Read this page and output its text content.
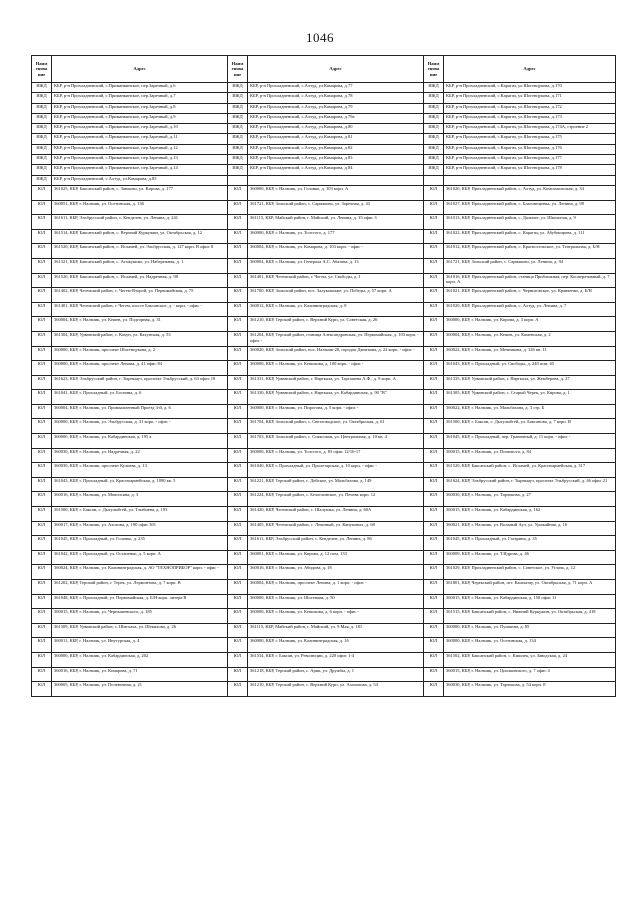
1046
Наим енова ние	Адрес	Наим енова ние	Адрес	Наим енова ние	Адрес
ИЖД	КБР, р-н Прохладненский, с.Приманкинское, пер.Заречный, д.6	ИЖД	КБР, р-н Прохладненский, с.Алтуд, ул.Камарова, д.77	ИЖД	КБР, р-н Прохладненский, с.Карагач, ул.Шогенцукова, д.170
ИЖД	КБР, р-н Прохладненский, с.Приманкинское, пер.Заречный, д.7	ИЖД	КБР, р-н Прохладненский, с.Алтуд, ул.Камарова, д.78	ИЖД	КБР, р-н Прохладненский, с.Карагач, ул.Шогенцукова, д.171
ИЖД	КБР, р-н Прохладненский, с.Приманкинское, пер.Заречный, д.8	ИЖД	КБР, р-н Прохладненский, с.Алтуд, ул.Камарова, д.79	ИЖД	КБР, р-н Прохладненский, с.Карагач, ул.Шогенцукова, д.172
ИЖД	КБР, р-н Прохладненский, с.Приманкинское, пер.Заречный, д.9	ИЖД	КБР, р-н Прохладненский, с.Алтуд, ул.Камарова, д.79а	ИЖД	КБР, р-н Прохладненский, с.Карагач, ул.Шогенцукова, д.173
ИЖД	КБР, р-н Прохладненский, с.Приманкинское, пер.Заречный, д.10	ИЖД	КБР, р-н Прохладненский, с.Алтуд, ул.Камарова, д.80	ИЖД	КБР, р-н Прохладненский, с.Карагач, ул.Шогенцукова, д.174А, строение 2
ИЖД	КБР, р-н Прохладненский, с.Приманкинское, пер.Заречный, д.11	ИЖД	КБР, р-н Прохладненский, с.Алтуд, ул.Камарова, д.81	ИЖД	КБР, р-н Прохладненский, с.Карагач, ул.Шогенцукова, д.175
ИЖД	КБР, р-н Прохладненский, с.Приманкинское, пер.Заречный, д.12	ИЖД	КБР, р-н Прохладненский, с.Алтуд, ул.Камарова, д.82	ИЖД	КБР, р-н Прохладненский, с.Карагач, ул.Шогенцукова, д.176
ИЖД	КБР, р-н Прохладненский, с.Приманкинское, пер.Заречный, д.13	ИЖД	КБР, р-н Прохладненский, с.Алтуд, ул.Камарова, д.83	ИЖД	КБР, р-н Прохладненский, с.Карагач, ул.Шогенцукова, д.177
ИЖД	КБР, р-н Прохладненский, с.Приманкинское, пер.Заречный, д.14	ИЖД	КБР, р-н Прохладненский, с.Алтуд, ул.Камарова, д.84	ИЖД	КБР, р-н Прохладненский, с.Карагач, ул.Шогенцукова, д.178
ИЖД	КБР, р-н Прохладненский, с.Алтуд, ул.Камарова, д.85				
ЮЛ	361025, КБР, Баксанский район, с. Заюково, ул. Кирова, д. 177	ЮЛ	360000, КБР, г. Нальчик, ул. Головко, д. 103 корп. А	ЮЛ	361020, КБР, Прохладненский район, с. Алтуд, ул. Комсомольская, д. 34
ЮЛ	360051, КБР, г. Нальчик, ул. Осетинская, д. 136	ЮЛ	361721, КБР, Зольский район, с. Сармаково, ул. Заречная, д. 43	ЮЛ	361027, КБР, Прохладненский район, с. Благовещенка, ул. Ленина, д. 98
ЮЛ	361611, КБР, Эльбрусский район, с. Кенделен, ул. Ленина, д. 241	ЮЛ	361115, КБР, Майский район, г. Майский, ул. Ленина, д. 15 офис 3	ЮЛ	361013, КБР, Прохладненский район, с. Дальнее, ул. Школьная, д. 9
ЮЛ	361514, КБР, Баксанский район, с. Верхний Куркужин, ул. Октябрьская, д. 12	ЮЛ	360000, КБР, г. Нальчик, ул. Толстого, д. 177	ЮЛ	361022, КБР, Прохладненский район, с. Карагач, ул. Абубекирова, д. 111
ЮЛ	361520, КБР, Баксанский район, с. Исламей, ул. Эльбрусская, д. 127 корп. В офис 8	ЮЛ	360004, КБР, г. Нальчик, ул. Комарова, д. 103 корп. - офис -	ЮЛ	361012, КБР, Прохладненский район, с. Красносельское, ул. Театральная, д. Б/Н
ЮЛ	361321, КБР, Баксанский район, с. Атажукино, ул. Набережная, д. 1	ЮЛ	360004, КБР, г. Нальчик, ул. Генерала А.С. Абазова, д. 13	ЮЛ	361721, КБР, Зольский район, с. Сармаково, ул. Ленина, д. 94
ЮЛ	361520, КБР, Баксанский район, с. Исламей, ул. Надречная, д. 98	ЮЛ	361401, КБР, Чегемский район, г. Чегем, ул. Свободы, д. 1	ЮЛ	361016, КБР, Прохладненский район, станица Приближная, пер. Кооперативный, д. 7 корп. А
ЮЛ	361402, КБР, Чегемский район, с. Чегем-Второй, ул. Первомайская, д. 75	ЮЛ	361700, КБР, Зольский район, пос. Залукокоаже, ул. Победы, д. 57 корп. А	ЮЛ	361021, КБР, Прохладненский район, с. Черниговское, ул. Кравченко, д. Б/Н
ЮЛ	361401, КБР, Чегемский район, г. Чегем, шоссе Баксанское, д. - корп. - офис -	ЮЛ	360012, КБР, г. Нальчик, ул. Калининградская, д. 8	ЮЛ	361020, КБР, Прохладненский район, с. Алтуд, ул. Ленина, д. 7
ЮЛ	360004, КБР, г. Нальчик, ул. Кешев, ул. Подгорная, д. 31	ЮЛ	361210, КБР, Терский район, с. Верхний Курп, ул. Советская, д. 26	ЮЛ	360000, КБР, г. Нальчик, ул. Кирова, д. 3 корп. А
ЮЛ	361304, КБР, Урванский район, с. Кахун, ул. Кахунская, д. 53	ЮЛ	361204, КБР, Терский район, станица Александровская, ул. Первомайская, д. 103 корп. - офис -	ЮЛ	360004, КБР, г. Нальчик, ул. Кешев, ул. Каменская, д. 2
ЮЛ	360000, КБР, г. Нальчик, проспект Шогенцукова, д. 2	ЮЛ	360020, КБР, Зольский район, пос. Нальчик-20, городок Дмиткова, д. 22 корп. - офис -	ЮЛ	360022, КБР, г. Нальчик, ул. Мечникова, д. 126 кв. 11
ЮЛ	360000, КБР, г. Нальчик, проспект Ленина, д. 41 офис 84	ЮЛ	360000, КБР, г. Нальчик, ул. Кешокова, д. 100 корп. - офис -	ЮЛ	361043, КБР, г. Прохладный, ул. Свободы, д. 240 пом. 65
ЮЛ	361623, КБР, Эльбрусский район, г. Тырныауз, проспект Эльбрусский, д. 63 офис 18	ЮЛ	361331, КБР, Урванский район, г. Нарткала, ул. Таргашева А.Ф., д. 9 корп. А	ЮЛ	361335, КБР, Урванский район, г. Нарткала, ул. Жемберова, д. 27
ЮЛ	361041, КБР, г. Прохладный, ул. Боснина, д. 6	ЮЛ	361330, КБР, Урванский район, г. Нарткала, ул. Кабардинская, д. 90 "В"	ЮЛ	361305, КБР, Урванский район, с. Старый Черек, ул. Кирова, д. 1
ЮЛ	360004, КБР, г. Нальчик, ул. Промышленный Проезд 3-й, д. 6	ЮЛ	360000, КБР, г. Нальчик, ул. Пирогова, д. 5 корп. - офис -	ЮЛ	360022, КБР, г. Нальчик, ул. Мальбахова, д. 3 стр. Б
ЮЛ	360000, КБР, г. Нальчик, ул. Эльбрусская, д. 31 корп. - офис -	ЮЛ	361704, КБР, Зольский район, с. Светловодское, ул. Октябрьская, д. 61	ЮЛ	361500, КБР, г. Баксан, с. Дыгулыбгей, ул. Баксанова, д. 7 корп. В
ЮЛ	360000, КБР, г. Нальчик, ул. Кабардинская, д. 195 а	ЮЛ	361703, КБР, Зольский район, с. Сояксоков, ул. Центральная, д. 10 кв. 4	ЮЛ	361045, КБР, г. Прохладный, пер. Граничный, д. 11 корп. - офис -
ЮЛ	360030, КБР, г. Нальчик, ул. Надречная, д. 22	ЮЛ	360000, КБР, г. Нальчик, ул. Толстого, д. 83 офис 12/16-17	ЮЛ	360015, КБР, г. Нальчик, ул. Domenova, д. 84
ЮЛ	360030, КБР, г. Нальчик, проспект Кулиева, д. 13	ЮЛ	361040, КБР, г. Прохладный, ул. Пролетарская, д. 10 корп. - офис -	ЮЛ	361520, КБР, Баксанский район, с. Исламей, ул. Красноармейская, д. 317
ЮЛ	361043, КБР, г. Прохладный, ул. Красноармейская, д. 1090 кв. 5	ЮЛ	361221, КБР, Терский район, с. Дейское, ул. Мальбахова, д. 149	ЮЛ	361624, КБР, Эльбрусский район, г. Тырныауз, проспект Эльбрусский, д. 46 офис 21
ЮЛ	360016, КБР, г. Нальчик, ул. Мовсисяна, д. 3	ЮЛ	361224, КБР, Терский район, с. Белоглинское, ул. Печева корп. 12	ЮЛ	360030, КБР, г. Нальчик, ул. Тарчокова, д. 27
ЮЛ	361500, КБР, г. Баксан, с. Дыгулыбгей, ул. Тлыбиева, д. 193	ЮЛ	361420, КБР, Чегемский район, с. Шалушка, ул. Ленина, д. 60А	ЮЛ	360015, КБР, г. Нальчик, ул. Кабардинская, д. 162
ЮЛ	360017, КБР, г. Нальчик, ул. Ахохова, д. 190 офис 301	ЮЛ	361405, КБР, Чегемский район, с. Лечинкай, ул. Кануковых, д. 68	ЮЛ	360021, КБР, г. Нальчик, ул. Вольный Аул, ул. Урожайная, д. 16
ЮЛ	361045, КБР, г. Прохладный, ул. Головко, д. 235	ЮЛ	361611, КБР, Эльбрусский район, с. Кенделен, ул. Ленина, д. 86	ЮЛ	361045, КБР, г. Прохладный, ул. Гагарина, д. 35
ЮЛ	361042, КБР, г. Прохладный, ул. Остапенко, д. 5 корп. А	ЮЛ	360001, КБР, г. Нальчик, ул. Кирова, д. 12 пом. 133	ЮЛ	360009, КБР, г. Нальчик, ул. Т.Идрова, д. 46
ЮЛ	360024, КБР, г. Нальчик, ул. Калининградская, д. АО "ТЕХНОПРИБОР" корп. - офис -	ЮЛ	360016, КБР, г. Нальчик, ул. Абидова, д. 18	ЮЛ	361029, КБР, Прохладненский район, с. Советское, ул. Углачь, д. 12
ЮЛ	361202, КБР, Терский район, г. Терек, ул. Лермонтова, д. 7 корп. В	ЮЛ	360004, КБР, г. Нальчик, проспект Ленина, д. 1 корп. - офис -	ЮЛ	361801, КБР, Черекский район, пгт. Кашхатау, ул. Октябрьская, д. 71 корп. А
ЮЛ	361048, КБР, г. Прохладный, ул. Первомайская, д. Б/Н корп. литера В	ЮЛ	360000, КБР, г. Нальчик, ул. Шогенова, д. 50	ЮЛ	360015, КБР, г. Нальчик, ул. Кабардинская, д. 150 офис 11
ЮЛ	360015, КБР, г. Нальчик, ул. Чернышевского, д. 185	ЮЛ	360000, КБР, г. Нальчик, ул. Кешокова, д. 6 корп. - офис -	ЮЛ	361515, КБР, Баксанский район, с. Нижний Куркужин, ул. Октябрьская, д. 418
ЮЛ	361309, КБР, Урванский район, с. Шитхала, ул. Шекихова, д. 26	ЮЛ	361115, КБР, Майский район, г. Майский, ул. 9 Мая, д. 181	ЮЛ	360000, КБР, г. Нальчик, ул. Пушкина, д. 85
ЮЛ	360011, КБР, г. Нальчик, ул. Инугурская, д. 4	ЮЛ	360000, КБР, г. Нальчик, ул. Калининградская, д. 16	ЮЛ	360000, КБР, г. Нальчик, ул. Осетинская, д. 134
ЮЛ	360000, КБР, г. Нальчик, ул. Кабардинская, д. 202	ЮЛ	361534, КБР, г. Баксан, ул. Революции, д. 220 офис 1-4	ЮЛ	361502, КБР, Баксанский район, с. Кишпек, ул. Заводская, д. 24
ЮЛ	360016, КБР, г. Нальчик, ул. Комарова, д. 71	ЮЛ	361218, КБР, Терский район, с. Арик, ул. Дружбы, д. 1	ЮЛ	360015, КБР, г. Нальчик, ул. Циолковского, д. 7 офис 4
ЮЛ	360005, КБР, г. Нальчик, ул. Полевочная, д. 21	ЮЛ	361210, КБР, Терский район, с. Верхний Курп, ул. Ахохокова, д. 54	ЮЛ	360030, КБР, г. Нальчик, ул. Тарчокова, д. 54 корп. Е
